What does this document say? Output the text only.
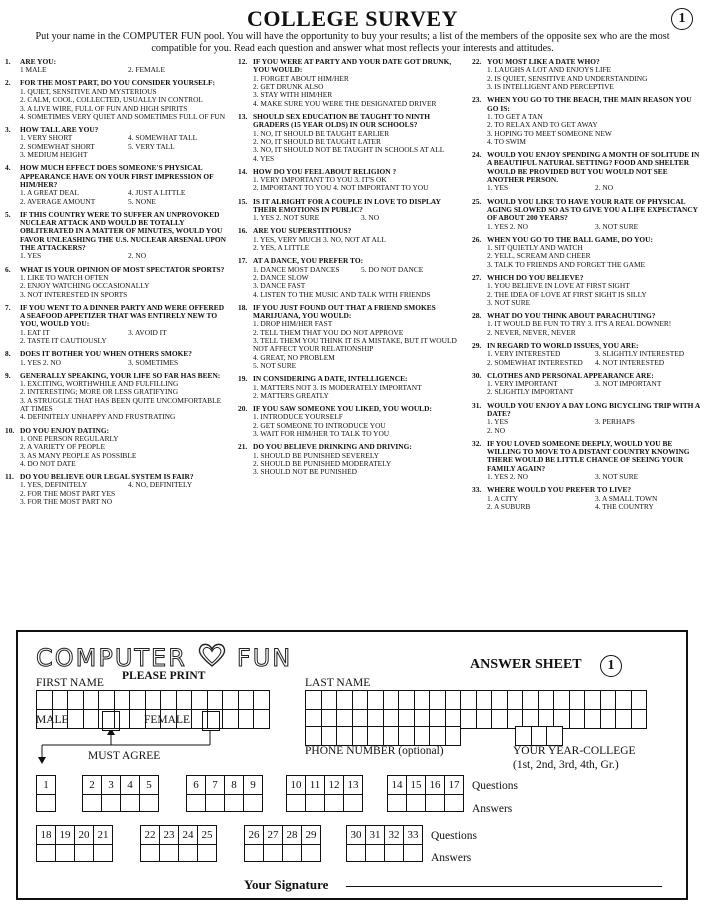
COLLEGE SURVEY	1
Put your name in the COMPUTER FUN pool. You will have the opportunity to buy your results; a list of the members of the opposite sex who are the most compatible for you. Read each question and answer what most reflects your interests and attitudes.
1.	ARE YOU:
1 MALE	2. FEMALE
2.	FOR THE MOST PART, DO YOU CONSIDER YOURSELF:
1. QUIET, SENSITIVE AND MYSTERIOUS
2. CALM, COOL, COLLECTED, USUALLY IN CONTROL
3. A LIVE WIRE, FULL OF FUN AND HIGH SPIRITS
4. SOMETIMES VERY QUIET AND SOMETIMES FULL OF FUN
3.	HOW TALL ARE YOU?
1. VERY SHORT	4. SOMEWHAT TALL
2. SOMEWHAT SHORT	5. VERY TALL
3. MEDIUM HEIGHT
4.	HOW MUCH EFFECT DOES SOMEONE'S PHYSICAL APPEARANCE HAVE ON YOUR FIRST IMPRESSION OF HIM/HER?
1. A GREAT DEAL	4. JUST A LITTLE
2. AVERAGE AMOUNT	5. NONE
5.	IF THIS COUNTRY WERE TO SUFFER AN UNPROVOKED NUCLEAR ATTACK AND WOULD BE TOTALLY OBLITERATED IN A MATTER OF MINUTES, WOULD YOU FAVOR UNLEASHING THE U.S. NUCLEAR ARSENAL UPON THE ATTACKERS?
1. YES	2. NO
6.	WHAT IS YOUR OPINION OF MOST SPECTATOR SPORTS?
1. LIKE TO WATCH OFTEN
2. ENJOY WATCHING OCCASIONALLY
3. NOT INTERESTED IN SPORTS
7.	IF YOU WENT TO A DINNER PARTY AND WERE OFFERED A SEAFOOD APPETIZER THAT WAS ENTIRELY NEW TO YOU, WOULD YOU:
1. EAT IT	3. AVOID IT
2. TASTE IT CAUTIOUSLY
8.	DOES IT BOTHER YOU WHEN OTHERS SMOKE?
1. YES 2. NO	3. SOMETIMES
9.	GENERALLY SPEAKING, YOUR LIFE SO FAR HAS BEEN:
1. EXCITING, WORTHWHILE AND FULFILLING
2. INTERESTING; MORE OR LESS GRATIFYING
3. A STRUGGLE THAT HAS BEEN QUITE UNCOMFORTABLE AT TIMES
4. DEFINITELY UNHAPPY AND FRUSTRATING
10. DO YOU ENJOY DATING:
1. ONE PERSON REGULARLY
2. A VARIETY OF PEOPLE
3. AS MANY PEOPLE AS POSSIBLE
4. DO NOT DATE
11. DO YOU BELIEVE OUR LEGAL SYSTEM IS FAIR?
1. YES, DEFINITELY	4. NO, DEFINITELY
2. FOR THE MOST PART YES
3. FOR THE MOST PART NO
12. IF YOU WERE AT PARTY AND YOUR DATE GOT DRUNK, YOU WOULD:
1. FORGET ABOUT HIM/HER
2. GET DRUNK ALSO
3. STAY WITH HIM/HER
4. MAKE SURE YOU WERE THE DESIGNATED DRIVER
13. SHOULD SEX EDUCATION BE TAUGHT TO NINTH GRADERS (15 YEAR OLDS) IN OUR SCHOOLS?
1. NO, IT SHOULD BE TAUGHT EARLIER
2. NO, IT SHOULD BE TAUGHT LATER
3. NO, IT SHOULD NOT BE TAUGHT IN SCHOOLS AT ALL
4. YES
14. HOW DO YOU FEEL ABOUT RELIGION ?
1. VERY IMPORTANT TO YOU 3. IT'S OK
2. IMPORTANT TO YOU 4. NOT IMPORTANT TO YOU
15. IS IT ALRIGHT FOR A COUPLE IN LOVE TO DISPLAY THEIR EMOTIONS IN PUBLIC?
1. YES 2. NOT SURE	3. NO
16. ARE YOU SUPERSTITIOUS?
1. YES, VERY MUCH 3. NO, NOT AT ALL
2. YES, A LITTLE
17. AT A DANCE, YOU PREFER TO:
1. DANCE MOST DANCES	5. DO NOT DANCE
2. DANCE SLOW
3. DANCE FAST
4. LISTEN TO THE MUSIC AND TALK WITH FRIENDS
18. IF YOU JUST FOUND OUT THAT A FRIEND SMOKES MARIJUANA, YOU WOULD:
1. DROP HIM/HER FAST
2. TELL THEM THAT YOU DO NOT APPROVE
3. TELL THEM YOU THINK IT IS A MISTAKE, BUT IT WOULD NOT AFFECT YOUR RELATIONSHIP
4. GREAT, NO PROBLEM
5. NOT SURE
19. IN CONSIDERING A DATE, INTELLIGENCE:
1. MATTERS NOT 3. IS MODERATELY IMPORTANT
2. MATTERS GREATLY
20. IF YOU SAW SOMEONE YOU LIKED, YOU WOULD:
1. INTRODUCE YOURSELF
2. GET SOMEONE TO INTRODUCE YOU
3. WAIT FOR HIM/HER TO TALK TO YOU
21. DO YOU BELIEVE DRINKING AND DRIVING:
1. SHOULD BE PUNISHED SEVERELY
2. SHOULD BE PUNISHED MODERATELY
3. SHOULD NOT BE PUNISHED
22. YOU MOST LIKE A DATE WHO?
1. LAUGHS A LOT AND ENJOYS LIFE
2. IS QUIET, SENSITIVE AND UNDERSTANDING
3. IS INTELLIGENT AND PERCEPTIVE
23. WHEN YOU GO TO THE BEACH, THE MAIN REASON YOU GO IS:
1. TO GET A TAN
2. TO RELAX AND TO GET AWAY
3. HOPING TO MEET SOMEONE NEW
4. TO SWIM
24. WOULD YOU ENJOY SPENDING A MONTH OF SOLITUDE IN A BEAUTIFUL NATURAL SETTING? FOOD AND SHELTER WOULD BE PROVIDED BUT YOU WOULD NOT SEE ANOTHER PERSON.
1. YES	2. NO
25. WOULD YOU LIKE TO HAVE YOUR RATE OF PHYSICAL AGING SLOWED SO AS TO GIVE YOU A LIFE EXPECTANCY OF ABOUT 200 YEARS?
1. YES 2. NO	3. NOT SURE
26. WHEN YOU GO TO THE BALL GAME, DO YOU:
1. SIT QUIETLY AND WATCH
2. YELL, SCREAM AND CHEER
3. TALK TO FRIENDS AND FORGET THE GAME
27. WHICH DO YOU BELIEVE?
1. YOU BELIEVE IN LOVE AT FIRST SIGHT
2. THE IDEA OF LOVE AT FIRST SIGHT IS SILLY
3. NOT SURE
28. WHAT DO YOU THINK ABOUT PARACHUTING?
1. IT WOULD BE FUN TO TRY 3. IT'S A REAL DOWNER!
2. NEVER, NEVER, NEVER
29. IN REGARD TO WORLD ISSUES, YOU ARE:
1. VERY INTERESTED	3. SLIGHTLY INTERESTED
2. SOMEWHAT INTERESTED	4. NOT INTERESTED
30. CLOTHES AND PERSONAL APPEARANCE ARE:
1. VERY IMPORTANT	3. NOT IMPORTANT
2. SLIGHTLY IMPORTANT
31. WOULD YOU ENJOY A DAY LONG BICYCLING TRIP WITH A DATE?
1. YES	3. PERHAPS
2. NO
32. IF YOU LOVED SOMEONE DEEPLY, WOULD YOU BE WILLING TO MOVE TO A DISTANT COUNTRY KNOWING THERE WOULD BE LITTLE CHANCE OF SEEING YOUR FAMILY AGAIN?
1. YES 2. NO	3. NOT SURE
33. WHERE WOULD YOU PREFER TO LIVE?
1. A CITY	3. A SMALL TOWN
2. A SUBURB	4. THE COUNTRY
COMPUTER FUN	ANSWER SHEET	1
FIRST NAME
PLEASE PRINT
LAST NAME
MALE	FEMALE
MUST AGREE	PHONE NUMBER (optional)	YOUR YEAR-COLLEGE
(1st, 2nd, 3rd, 4th, Gr.)
1	2	3	4	5	6	7	8	9	10 11 12 13	14 15 16 17	Questions
Answers
18 19 20 21	22 23 24 25	26 27 28 29	30 31 32 33	Questions
Answers
Your Signature
